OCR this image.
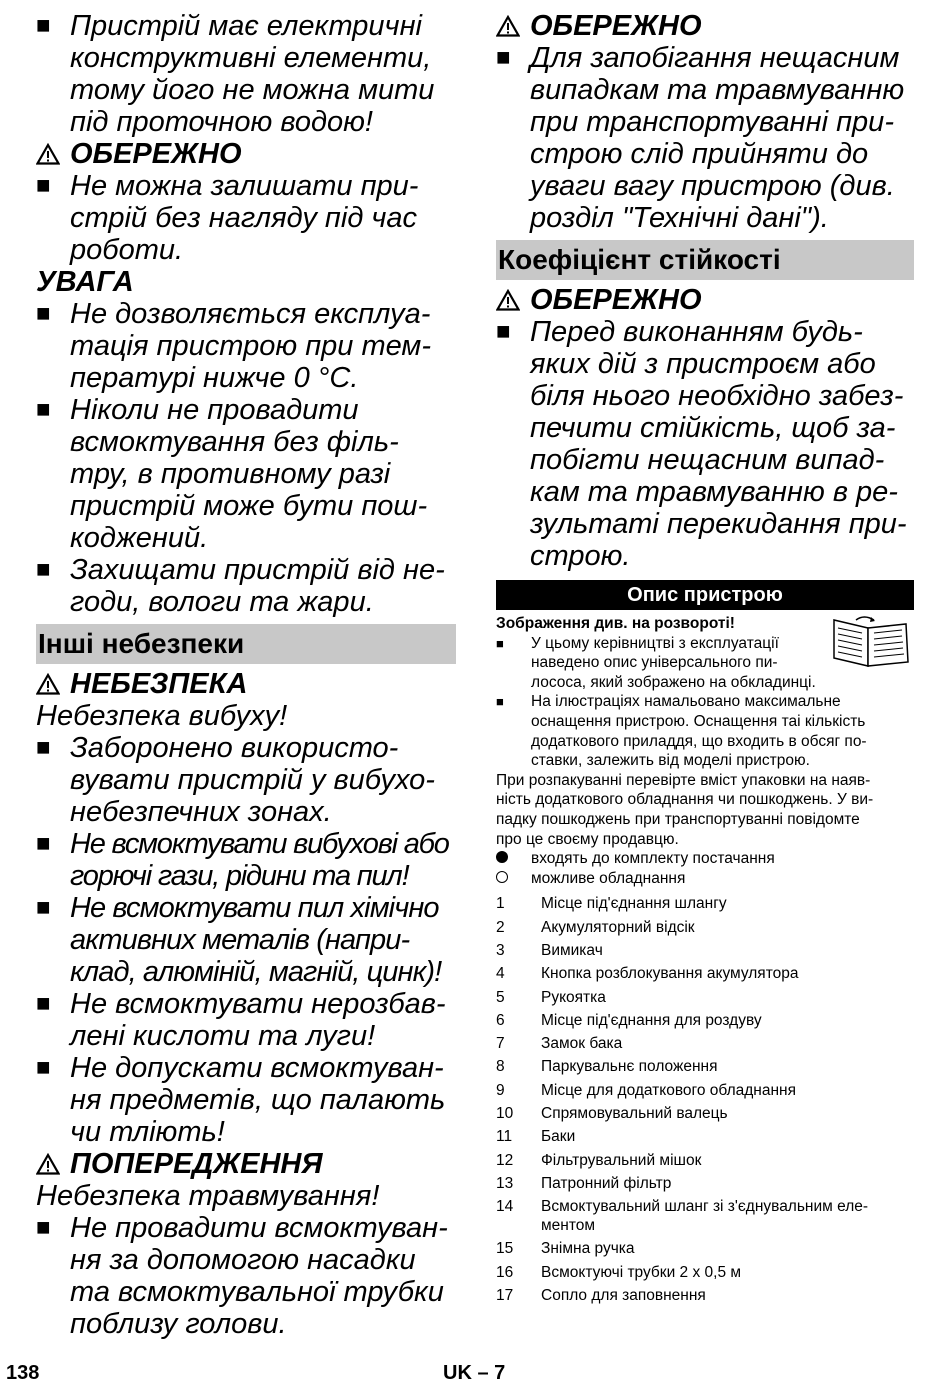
■ Пристрій має електричні
конструктивні елементи,
тому його не можна мити
під проточною водою!
ОБЕРЕЖНО
■ Не можна залишати при-
стрій без нагляду під час
роботи.
УВАГА
■ Не дозволяється експлуа-
тація пристрою при тем-
пературі нижче 0 °C.
■ Ніколи не провадити
всмоктування без філь-
тру, в противному разі
пристрій може бути пош-
коджений.
■ Захищати пристрій від не-
годи, вологи та жари.
Інші небезпеки
НЕБЕЗПЕКА
Небезпека вибуху!
■ Заборонено використо-
вувати пристрій у вибухо-
небезпечних зонах.
■ Не всмоктувати вибухові або
горючі гази, рідини та пил!
■ Не всмоктувати пил хімічно
активних металів (напри-
клад, алюміній, магній, цинк)!
■ Не всмоктувати нерозбав-
лені кислоти та луги!
■ Не допускати всмоктуван-
ня предметів, що палають
чи тліють!
ПОПЕРЕДЖЕННЯ
Небезпека травмування!
■ Не провадити всмоктуван-
ня за допомогою насадки
та всмоктувальної трубки
поблизу голови.
ОБЕРЕЖНО
■ Для запобігання нещасним
випадкам та травмуванню
при транспортуванні при-
строю слід прийняти до
уваги вагу пристрою (див.
розділ "Технічні дані").
Коефіцієнт стійкості
ОБЕРЕЖНО
■ Перед виконанням будь-
яких дій з пристроєм або
біля нього необхідно забез-
печити стійкість, щоб за-
побігти нещасним випад-
кам та травмуванню в ре-
зультаті перекидання при-
строю.
Опис пристрою
Зображення див. на розвороті!
■	У цьому керівництві з експлуатації
наведено опис універсального пи-
лососа, який зображено на обкладинці.
■	На ілюстраціях намальовано максимальне
оснащення пристрою. Оснащення таі кількість
додаткового приладдя, що входить в обсяг по-
ставки, залежить від моделі пристрою.
При розпакуванні перевірте вміст упаковки на наяв-
ність додаткового обладнання чи пошкоджень. У ви-
падку пошкоджень при транспортуванні повідомте
про це своєму продавцю.
входять до комплекту постачання
можливе обладнання
1	Місце під'єднання шлангу
2	Акумуляторний відсік
3	Вимикач
4	Кнопка розблокування акумулятора
5	Рукоятка
6	Місце під'єднання для роздуву
7	Замок бака
8	Паркувальнє положення
9	Місце для додаткового обладнання
10	Спрямовувальний валець
11	Баки
12	Фільтрувальний мішок
13	Патронний фільтр
14	Всмоктувальний шланг зі з'єднувальним еле-
ментом
15	Знімна ручка
16	Всмоктуючі трубки 2 x 0,5 м
17	Сопло для заповнення
138	UK – 7
